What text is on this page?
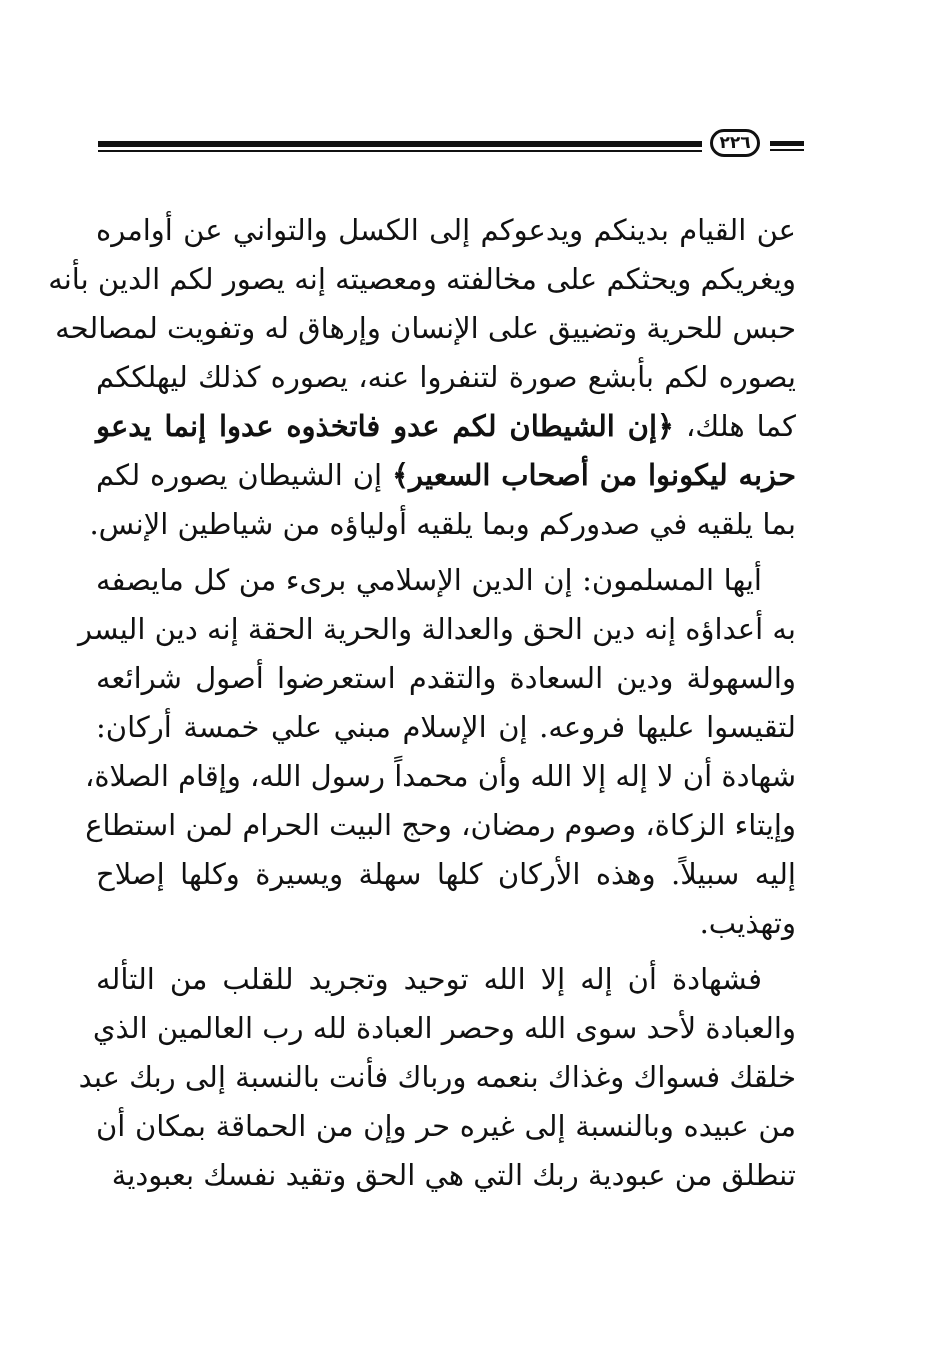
٢٢٦

عن القيام بدينكم ويدعوكم إلى الكسل والتواني عن أوامره

ويغريكم ويحثكم على مخالفته ومعصيته إنه يصور لكم الدين بأنه

حبس للحرية وتضييق على الإنسان وإرهاق له وتفويت لمصالحه

يصوره لكم بأبشع صورة لتنفروا عنه، يصوره كذلك ليهلككم

كما هلك، ﴿إن الشيطان لكم عدو فاتخذوه عدوا إنما يدعو

حزبه ليكونوا من أصحاب السعير﴾ إن الشيطان يصوره لكم

بما يلقيه في صدوركم وبما يلقيه أولياؤه من شياطين الإنس.

أيها المسلمون: إن الدين الإسلامي برىء من كل مايصفه

به أعداؤه إنه دين الحق والعدالة والحرية الحقة إنه دين اليسر

والسهولة ودين السعادة والتقدم استعرضوا أصول شرائعه

لتقيسوا عليها فروعه. إن الإسلام مبني علي خمسة أركان:

شهادة أن لا إله إلا الله وأن محمداً رسول الله، وإقام الصلاة،

وإيتاء الزكاة، وصوم رمضان، وحج البيت الحرام لمن استطاع

إليه سبيلاً. وهذه الأركان كلها سهلة ويسيرة وكلها إصلاح

وتهذيب.

فشهادة أن إله إلا الله توحيد وتجريد للقلب من التأله

والعبادة لأحد سوى الله وحصر العبادة لله رب العالمين الذي

خلقك فسواك وغذاك بنعمه ورباك فأنت بالنسبة إلى ربك عبد

من عبيده وبالنسبة إلى غيره حر وإن من الحماقة بمكان أن

تنطلق من عبودية ربك التي هي الحق وتقيد نفسك بعبودية
